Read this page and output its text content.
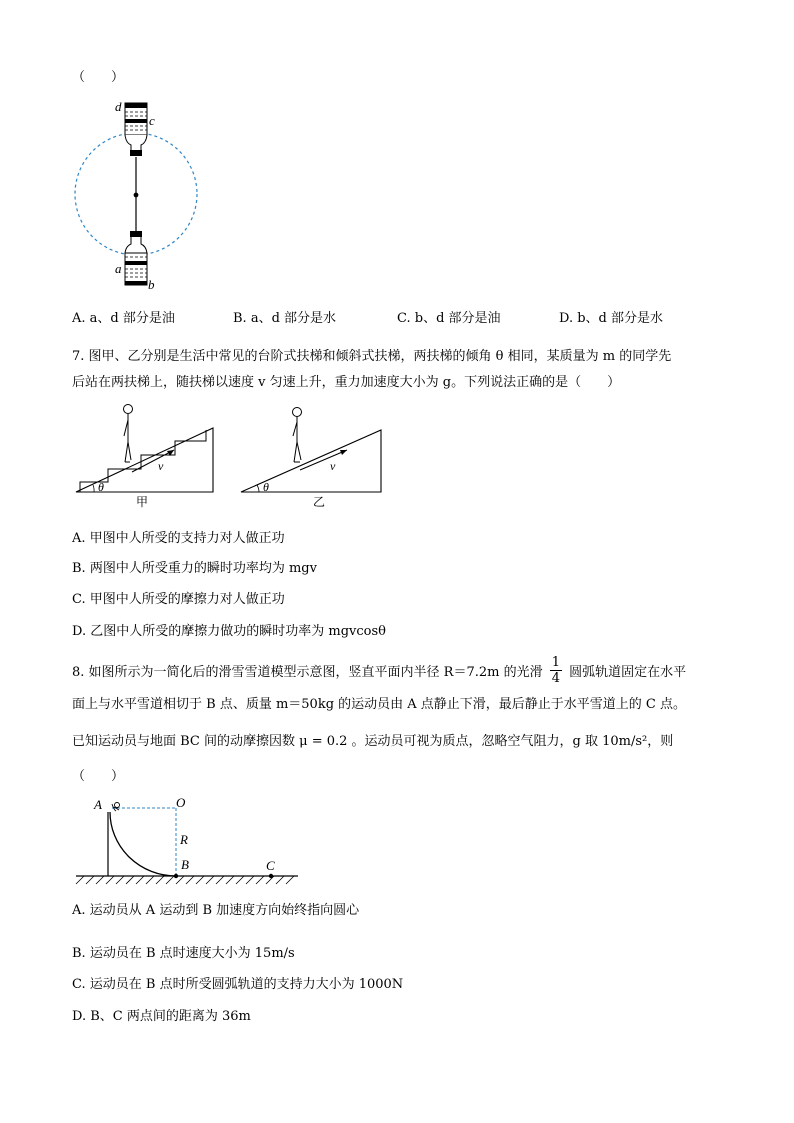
（　　）
d
c
a
b
A. a、d 部分是油	B. a、d 部分是水	C. b、d 部分是油	D. b、d 部分是水
7. 图甲、乙分别是生活中常见的台阶式扶梯和倾斜式扶梯，两扶梯的倾角 θ 相同，某质量为 m 的同学先
后站在两扶梯上，随扶梯以速度 v 匀速上升，重力加速度大小为 g。下列说法正确的是（　　）
v
θ
甲
v
θ
乙
A. 甲图中人所受的支持力对人做正功
B. 两图中人所受重力的瞬时功率均为 mgv
C. 甲图中人所受的摩擦力对人做正功
D. 乙图中人所受的摩擦力做功的瞬时功率为 mgvcosθ
8. 如图所示为一简化后的滑雪雪道模型示意图，竖直平面内半径 R＝7.2m 的光滑 $\frac{1}{4}$ 圆弧轨道固定在水平
面上与水平雪道相切于 B 点、质量 m＝50kg 的运动员由 A 点静止下滑，最后静止于水平雪道上的 C 点。
已知运动员与地面 BC 间的动摩擦因数 μ = 0.2 。运动员可视为质点，忽略空气阻力，g 取 10m/s²，则
（　　）
A	O
R
B	C
A. 运动员从 A 运动到 B 加速度方向始终指向圆心
B. 运动员在 B 点时速度大小为 15m/s
C. 运动员在 B 点时所受圆弧轨道的支持力大小为 1000N
D. B、C 两点间的距离为 36m
